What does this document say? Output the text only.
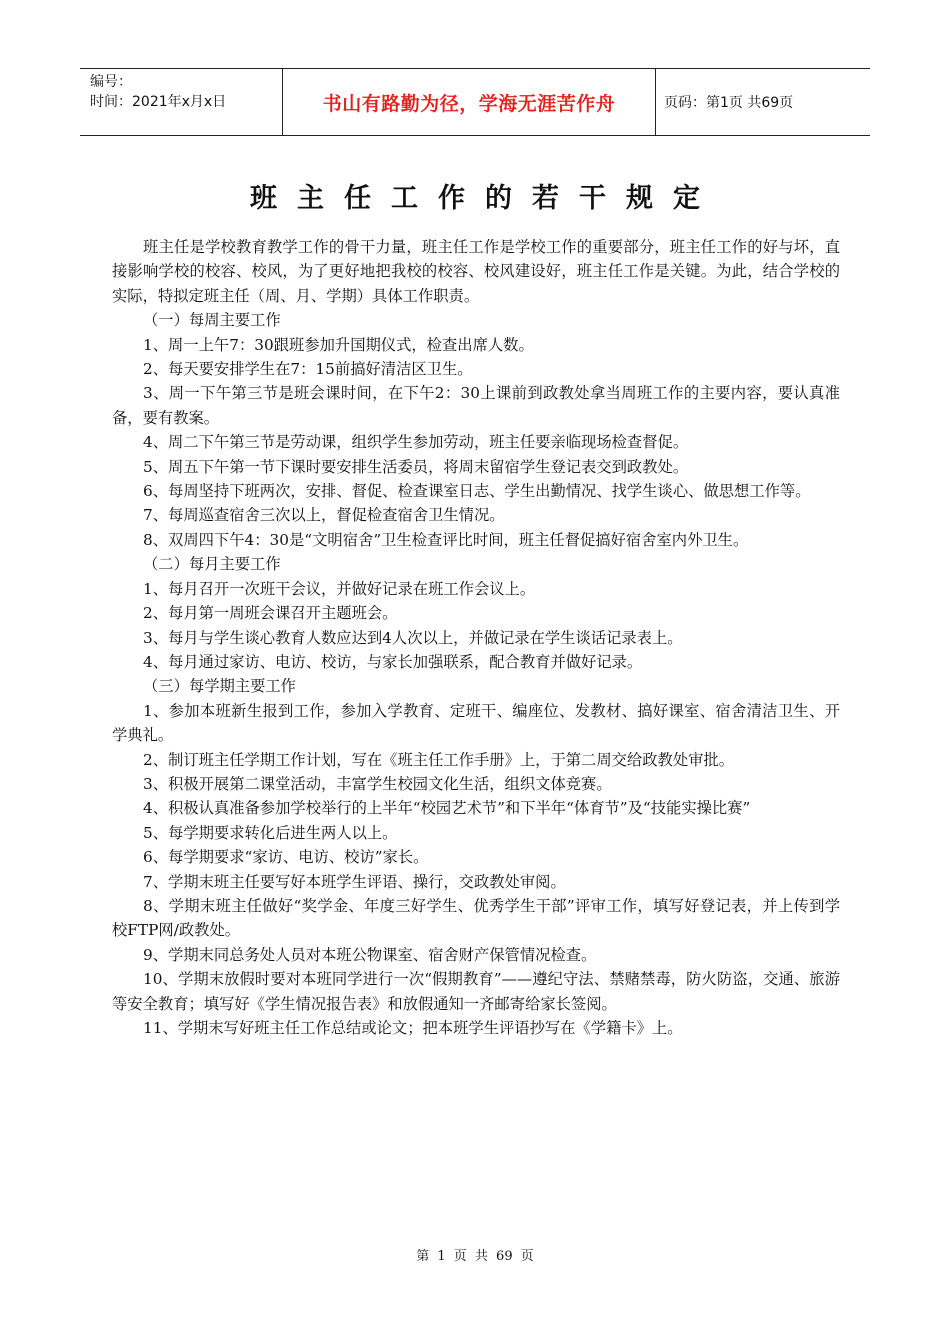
编号：
时间：2021年x月x日	书山有路勤为径，学海无涯苦作舟	页码：第1页 共69页
班主任工作的若干规定

班主任是学校教育教学工作的骨干力量，班主任工作是学校工作的重要部分，班主任工作的好与坏，直接影响学校的校容、校风，为了更好地把我校的校容、校风建设好，班主任工作是关键。为此，结合学校的实际，特拟定班主任（周、月、学期）具体工作职责。

（一）每周主要工作

1、周一上午7：30跟班参加升国期仪式，检查出席人数。

2、每天要安排学生在7：15前搞好清洁区卫生。

3、周一下午第三节是班会课时间，在下午2：30上课前到政教处拿当周班工作的主要内容，要认真准备，要有教案。

4、周二下午第三节是劳动课，组织学生参加劳动，班主任要亲临现场检查督促。

5、周五下午第一节下课时要安排生活委员，将周末留宿学生登记表交到政教处。

6、每周坚持下班两次，安排、督促、检查课室日志、学生出勤情况、找学生谈心、做思想工作等。

7、每周巡查宿舍三次以上，督促检查宿舍卫生情况。

8、双周四下午4：30是“文明宿舍”卫生检查评比时间，班主任督促搞好宿舍室内外卫生。

（二）每月主要工作

1、每月召开一次班干会议，并做好记录在班工作会议上。

2、每月第一周班会课召开主题班会。

3、每月与学生谈心教育人数应达到4人次以上，并做记录在学生谈话记录表上。

4、每月通过家访、电访、校访，与家长加强联系，配合教育并做好记录。

（三）每学期主要工作

1、参加本班新生报到工作，参加入学教育、定班干、编座位、发教材、搞好课室、宿舍清洁卫生、开学典礼。

2、制订班主任学期工作计划，写在《班主任工作手册》上，于第二周交给政教处审批。

3、积极开展第二课堂活动，丰富学生校园文化生活，组织文体竞赛。

4、积极认真准备参加学校举行的上半年“校园艺术节”和下半年“体育节”及“技能实操比赛”

5、每学期要求转化后进生两人以上。

6、每学期要求“家访、电访、校访”家长。

7、学期末班主任要写好本班学生评语、操行，交政教处审阅。

8、学期末班主任做好“奖学金、年度三好学生、优秀学生干部”评审工作，填写好登记表，并上传到学校FTP网/政教处。

9、学期末同总务处人员对本班公物课室、宿舍财产保管情况检查。

10、学期末放假时要对本班同学进行一次“假期教育”——遵纪守法、禁赌禁毒，防火防盗，交通、旅游等安全教育；填写好《学生情况报告表》和放假通知一齐邮寄给家长签阅。

11、学期末写好班主任工作总结或论文；把本班学生评语抄写在《学籍卡》上。

第 1 页 共 69 页
